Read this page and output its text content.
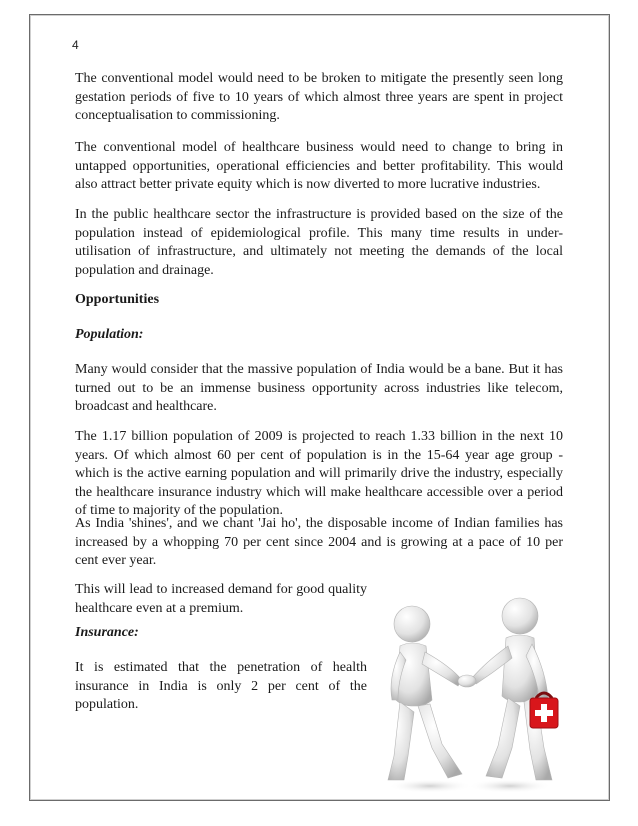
4

The conventional model would need to be broken to mitigate the presently seen long gestation periods of five to 10 years of which almost three years are spent in project conceptualisation to commissioning.

The conventional model of healthcare business would need to change to bring in untapped opportunities, operational efficiencies and better profitability. This would also attract better private equity which is now diverted to more lucrative industries.

In the public healthcare sector the infrastructure is provided based on the size of the population instead of epidemiological profile. This many time results in under-utilisation of infrastructure, and ultimately not meeting the demands of the local population and drainage.

Opportunities

Population:

Many would consider that the massive population of India would be a bane. But it has turned out to be an immense business opportunity across industries like telecom, broadcast and healthcare.

The 1.17 billion population of 2009 is projected to reach 1.33 billion in the next 10 years. Of which almost 60 per cent of population is in the 15-64 year age group - which is the active earning population and will primarily drive the industry, especially the healthcare insurance industry which will make healthcare accessible over a period of time to majority of the population.

As India 'shines', and we chant 'Jai ho', the disposable income of Indian families has increased by a whopping 70 per cent since 2004 and is growing at a pace of 10 per cent ever year.

This will lead to increased demand for good quality healthcare even at a premium.

Insurance:

It is estimated that the penetration of health insurance in India is only 2 per cent of the population.
